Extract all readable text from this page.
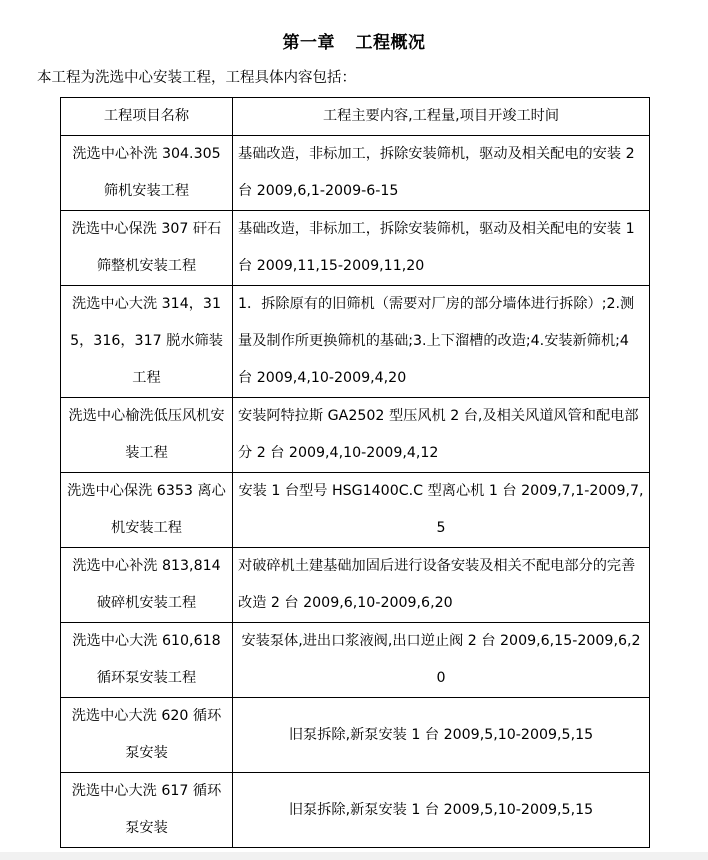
第一章 工程概况
本工程为洗选中心安装工程，工程具体内容包括：
工程项目名称	工程主要内容,工程量,项目开竣工时间
洗选中心补洗 304.305 筛机安装工程	基础改造，非标加工，拆除安装筛机，驱动及相关配电的安装 2 台 2009,6,1-2009-6-15
洗选中心保洗 307 矸石筛整机安装工程	基础改造，非标加工，拆除安装筛机，驱动及相关配电的安装 1 台 2009,11,15-2009,11,20
洗选中心大洗 314，315，316，317 脱水筛装工程	1．拆除原有的旧筛机（需要对厂房的部分墙体进行拆除）;2.测量及制作所更换筛机的基础;3.上下溜槽的改造;4.安装新筛机;4 台 2009,4,10-2009,4,20
洗选中心榆洗低压风机安装工程	安装阿特拉斯 GA2502 型压风机 2 台,及相关风道风管和配电部分 2 台 2009,4,10-2009,4,12
洗选中心保洗 6353 离心机安装工程	安装 1 台型号 HSG1400C.C 型离心机 1 台 2009,7,1-2009,7,5
洗选中心补洗 813,814 破碎机安装工程	对破碎机土建基础加固后进行设备安装及相关不配电部分的完善改造 2 台 2009,6,10-2009,6,20
洗选中心大洗 610,618 循环泵安装工程	安装泵体,进出口浆液阀,出口逆止阀 2 台 2009,6,15-2009,6,20
洗选中心大洗 620 循环泵安装	旧泵拆除,新泵安装 1 台 2009,5,10-2009,5,15
洗选中心大洗 617 循环泵安装	旧泵拆除,新泵安装 1 台 2009,5,10-2009,5,15
